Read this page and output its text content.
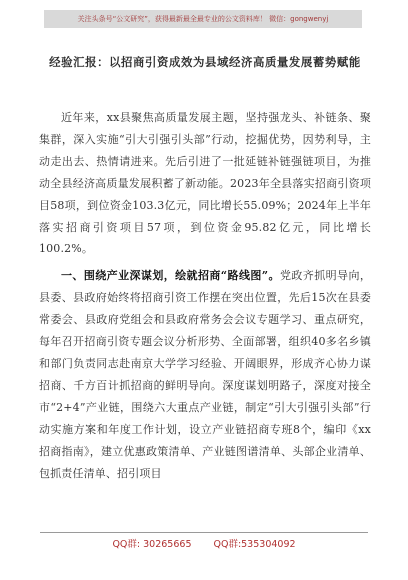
关注头条号“公文研究”，获得最新最全最专业的公文资料库！ 微信：gongwenyj
经验汇报：以招商引资成效为县域经济高质量发展蓄势赋能

近年来，xx县聚焦高质量发展主题，坚持强龙头、补链条、聚集群，深入实施“引大引强引头部”行动，挖掘优势，因势利导，主动走出去、热情请进来。先后引进了一批延链补链强链项目，为推动全县经济高质量发展积蓄了新动能。2023年全县落实招商引资项目58项，到位资金103.3亿元，同比增长55.09%；2024年上半年落实招商引资项目57项，到位资金95.82亿元，同比增长100.2%。

一、围绕产业深谋划，绘就招商“路线图”。党政齐抓明导向，县委、县政府始终将招商引资工作摆在突出位置，先后15次在县委常委会、县政府党组会和县政府常务会会议专题学习、重点研究，每年召开招商引资专题会议分析形势、全面部署，组织40多名乡镇和部门负责同志赴南京大学学习经验、开阔眼界，形成齐心协力谋招商、千方百计抓招商的鲜明导向。深度谋划明路子，深度对接全市“2+4”产业链，围绕六大重点产业链，制定“引大引强引头部”行动实施方案和年度工作计划，设立产业链招商专班8个，编印《xx招商指南》，建立优惠政策清单、产业链图谱清单、头部企业清单、包抓责任清单、招引项目

QQ群: 30265665 QQ群:535304092
